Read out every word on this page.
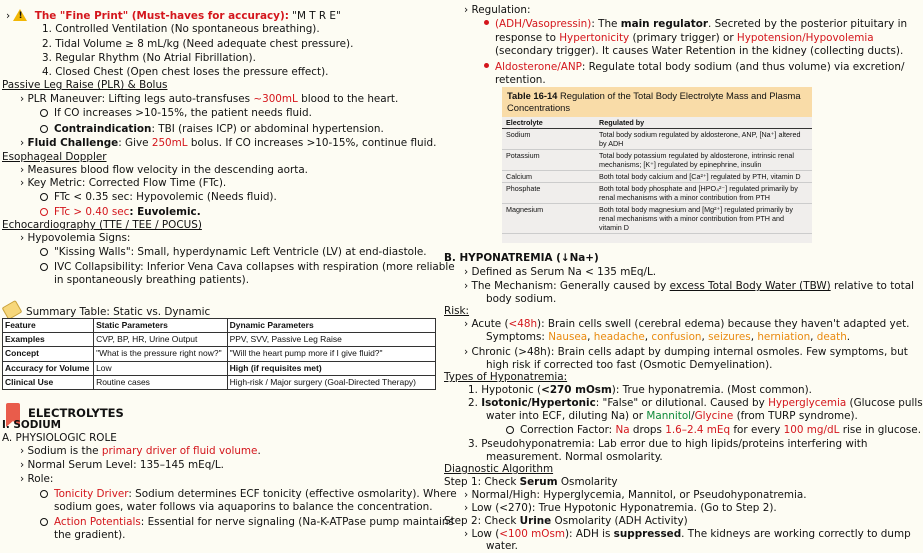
› ! The "Fine Print" (Must-haves for accuracy): "M T R E"
1. Controlled Ventilation (No spontaneous breathing).
2. Tidal Volume ≥ 8 mL/kg (Need adequate chest pressure).
3. Regular Rhythm (No Atrial Fibrillation).
4. Closed Chest (Open chest loses the pressure effect).
Passive Leg Raise (PLR) & Bolus
› PLR Maneuver: Lifting legs auto-transfuses ~300mL blood to the heart.
If CO increases >10-15%, the patient needs fluid.
Contraindication: TBI (raises ICP) or abdominal hypertension.
› Fluid Challenge: Give 250mL bolus. If CO increases >10-15%, continue fluid.
Esophageal Doppler
› Measures blood flow velocity in the descending aorta.
› Key Metric: Corrected Flow Time (FTc).
FTc < 0.35 sec: Hypovolemic (Needs fluid).
FTc > 0.40 sec: Euvolemic.
Echocardiography (TTE / TEE / POCUS)
› Hypovolemia Signs:
"Kissing Walls": Small, hyperdynamic Left Ventricle (LV) at end-diastole.
IVC Collapsibility: Inferior Vena Cava collapses with respiration (more reliable
in spontaneously breathing patients).
Summary Table: Static vs. Dynamic
Feature	Static Parameters	Dynamic Parameters
Examples	CVP, BP, HR, Urine Output	PPV, SVV, Passive Leg Raise
Concept	"What is the pressure right now?"	"Will the heart pump more if I give fluid?"
Accuracy for Volume	Low	High (if requisites met)
Clinical Use	Routine cases	High-risk / Major surgery (Goal-Directed Therapy)
ELECTROLYTES
I. SODIUM
A. PHYSIOLOGIC ROLE
› Sodium is the primary driver of fluid volume.
› Normal Serum Level: 135–145 mEq/L.
› Role:
Tonicity Driver: Sodium determines ECF tonicity (effective osmolarity). Where
sodium goes, water follows via aquaporins to balance the concentration.
Action Potentials: Essential for nerve signaling (Na-K-ATPase pump maintains
the gradient).
› Regulation:
(ADH/Vasopressin): The main regulator. Secreted by the posterior pituitary in
response to Hypertonicity (primary trigger) or Hypotension/Hypovolemia
(secondary trigger). It causes Water Retention in the kidney (collecting ducts).
Aldosterone/ANP: Regulate total body sodium (and thus volume) via excretion/
retention.
Table 16-14 Regulation of the Total Body Electrolyte Mass and Plasma Concentrations
Electrolyte	Regulated by
Sodium	Total body sodium regulated by aldosterone, ANP, [Na⁺] altered by ADH
Potassium	Total body potassium regulated by aldosterone, intrinsic renal mechanisms; [K⁺] regulated by epinephrine, insulin
Calcium	Both total body calcium and [Ca²⁺] regulated by PTH, vitamin D
Phosphate	Both total body phosphate and [HPO₄²⁻] regulated primarily by renal mechanisms with a minor contribution from PTH
Magnesium	Both total body magnesium and [Mg²⁺] regulated primarily by renal mechanisms with a minor contribution from PTH and vitamin D
B. HYPONATREMIA (↓Na+)
› Defined as Serum Na < 135 mEq/L.
› The Mechanism: Generally caused by excess Total Body Water (TBW) relative to total
body sodium.
Risk:
› Acute (<48h): Brain cells swell (cerebral edema) because they haven't adapted yet.
Symptoms: Nausea, headache, confusion, seizures, herniation, death.
› Chronic (>48h): Brain cells adapt by dumping internal osmoles. Few symptoms, but
high risk if corrected too fast (Osmotic Demyelination).
Types of Hyponatremia:
1. Hypotonic (<270 mOsm): True hyponatremia. (Most common).
2. Isotonic/Hypertonic: "False" or dilutional. Caused by Hyperglycemia (Glucose pulls
water into ECF, diluting Na) or Mannitol/Glycine (from TURP syndrome).
Correction Factor: Na drops 1.6–2.4 mEq for every 100 mg/dL rise in glucose.
3. Pseudohyponatremia: Lab error due to high lipids/proteins interfering with
measurement. Normal osmolarity.
Diagnostic Algorithm
Step 1: Check Serum Osmolarity
› Normal/High: Hyperglycemia, Mannitol, or Pseudohyponatremia.
› Low (<270): True Hypotonic Hyponatremia. (Go to Step 2).
Step 2: Check Urine Osmolarity (ADH Activity)
› Low (<100 mOsm): ADH is suppressed. The kidneys are working correctly to dump
water.
